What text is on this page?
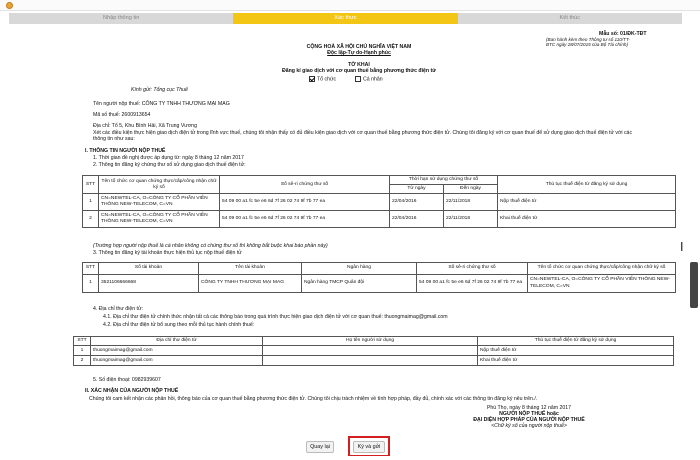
Nhập thông tin	Xác thực	Kết thúc
Mẫu số: 01/ĐK-TĐT
(Ban hành kèm theo Thông tư số 110/TT-
BTC ngày 28/07/2015 của Bộ Tài chính)
CỘNG HOÀ XÃ HỘI CHỦ NGHĨA VIỆT NAM
Độc lập-Tự do-Hạnh phúc
TỜ KHAI
Đăng kí giao dịch với cơ quan thuế bằng phương thức điện tử
Tổ chức	Cá nhân
Kính gửi: Tổng cục Thuế
Tên người nộp thuế: CÔNG TY TNHH THƯƠNG MẠI MAG
Mã số thuế: 2600913654
Địa chỉ: Tổ 5, Khu Bình Hải, Xã Trung Vương
Xét các điều kiện thực hiện giao dịch điện tử trong lĩnh vực thuế, chúng tôi nhận thấy có đủ điều kiện giao dịch với cơ quan thuế bằng phương thức điện tử. Chúng tôi đăng ký với cơ quan thuế để sử dụng giao dịch thuế điện tử với các
thông tin như sau:
I. THÔNG TIN NGƯỜI NỘP THUẾ
1. Thời gian đề nghị được áp dụng từ: ngày 8 tháng 12 năm 2017
2. Thông tin đăng ký chứng thư số sử dụng giao dịch thuế điện tử:
STT	Tên tổ chức cơ quan chứng thực/cấp/công nhận chữ ký số	Số sê-ri chứng thư số	Thời hạn sử dụng chứng thư số		Thủ tục thuế điện tử đăng ký sử dụng
			Từ ngày	Đến ngày	
1	CN=NEWTEL-CA, O=CÔNG TY CỔ PHẦN VIỄN THÔNG NEW-TELECOM, C=VN	54 09 00 a1 fc 5e e6 6d 7f 26 02 74 9f 7b 77 ea	22/04/2016	22/11/2018	Nộp thuế điện tử
2	CN=NEWTEL-CA, O=CÔNG TY CỔ PHẦN VIỄN THÔNG NEW-TELECOM, C=VN	54 09 00 a1 fc 5e e6 6d 7f 26 02 74 9f 7b 77 ea	22/04/2016	22/11/2018	Khai thuế điện tử
(Trường hợp người nộp thuế là cá nhân không có chứng thư số thì không bắt buộc khai báo phần này)
3. Thông tin đăng ký tài khoản thực hiện thủ tục nộp thuế điện tử
STT	Số tài khoản	Tên tài khoản	Ngân hàng	Số sê-ri chứng thư số	Tên tổ chức cơ quan chứng thực/cấp/công nhận chữ ký số
1	3521106666668	CÔNG TY TNHH THƯƠNG MẠI MAG	Ngân hàng TMCP Quân đội	54 09 00 a1 fc 5e e6 6d 7f 26 02 74 9f 7b 77 ea	CN=NEWTEL-CA, O=CÔNG TY CỔ PHẦN VIỄN THÔNG NEW-TELECOM, C=VN
4. Địa chỉ thư điện tử:
4.1. Địa chỉ thư điện tử chính thức nhận tất cả các thông báo trong quá trình thực hiện giao dịch điện tử với cơ quan thuế: thuongmaimag@gmail.com
4.2. Địa chỉ thư điện tử bổ sung theo mỗi thủ tục hành chính thuế:
STT	Địa chỉ thư điện tử	Họ tên người sử dụng	Thủ tục thuế điện tử đăng ký sử dụng
1	thuongmaimag@gmail.com		Nộp thuế điện tử
2	thuongmaimag@gmail.com		Khai thuế điện tử
5. Số điện thoại: 0982939607
II. XÁC NHẬN CỦA NGƯỜI NỘP THUẾ
Chúng tôi cam kết nhận các phản hồi, thông báo của cơ quan thuế bằng phương thức điện tử. Chúng tôi chịu trách nhiệm về tính hợp pháp, đầy đủ, chính xác với các thông tin đăng ký nêu trên./.
Phú Thọ, ngày 8 tháng 12 năm 2017
NGƯỜI NỘP THUẾ hoặc
ĐẠI DIỆN HỢP PHÁP CỦA NGƯỜI NỘP THUẾ
<Chữ ký số của người nộp thuế>
Quay lại	Ký và gửi
I
